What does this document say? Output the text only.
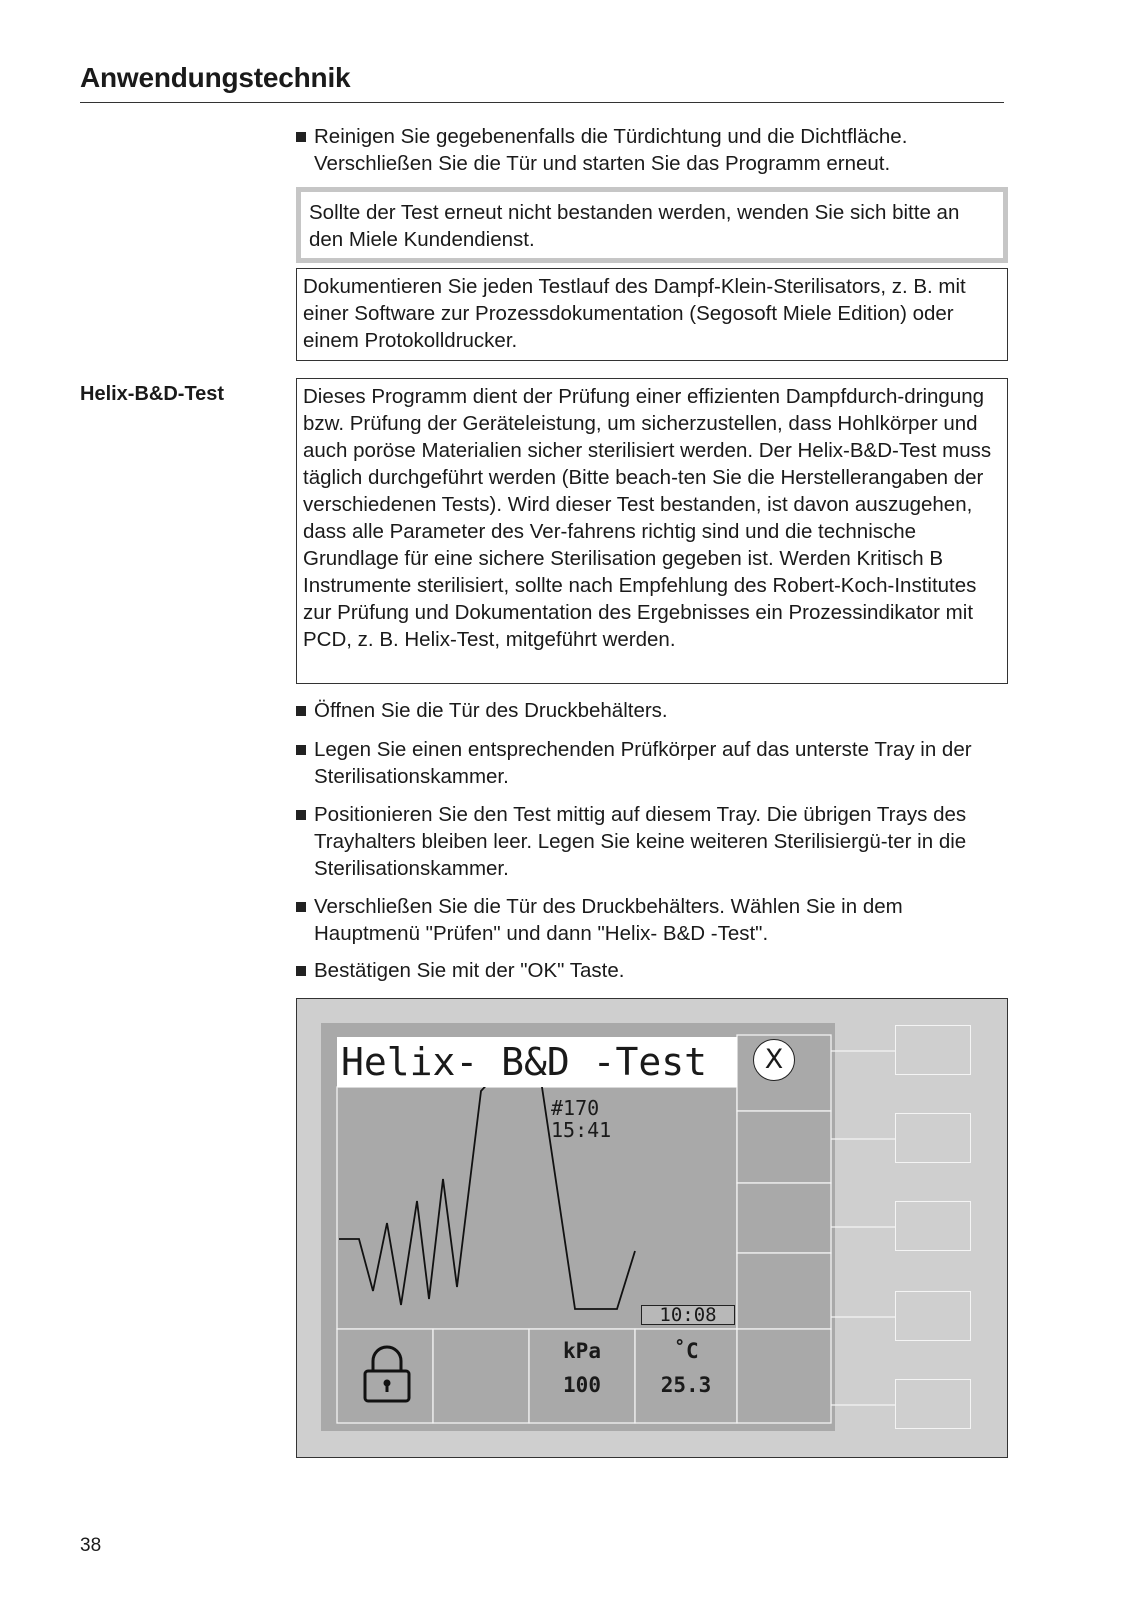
Anwendungstechnik
Reinigen Sie gegebenenfalls die Türdichtung und die Dichtfläche. Verschließen Sie die Tür und starten Sie das Programm erneut.
Sollte der Test erneut nicht bestanden werden, wenden Sie sich bitte an den Miele Kundendienst.
Dokumentieren Sie jeden Testlauf des Dampf-Klein-Sterilisators, z. B. mit einer Software zur Prozessdokumentation (Segosoft Miele Edition) oder einem Protokolldrucker.
Helix-B&D-Test	Dieses Programm dient der Prüfung einer effizienten Dampfdurch-dringung bzw. Prüfung der Geräteleistung, um sicherzustellen, dass Hohlkörper und auch poröse Materialien sicher sterilisiert werden. Der Helix-B&D-Test muss täglich durchgeführt werden (Bitte beach-ten Sie die Herstellerangaben der verschiedenen Tests). Wird dieser Test bestanden, ist davon auszugehen, dass alle Parameter des Ver-fahrens richtig sind und die technische Grundlage für eine sichere Sterilisation gegeben ist. Werden Kritisch B Instrumente sterilisiert, sollte nach Empfehlung des Robert-Koch-Institutes zur Prüfung und Dokumentation des Ergebnisses ein Prozessindikator mit PCD, z. B. Helix-Test, mitgeführt werden.
Öffnen Sie die Tür des Druckbehälters.
Legen Sie einen entsprechenden Prüfkörper auf das unterste Tray in der Sterilisationskammer.
Positionieren Sie den Test mittig auf diesem Tray. Die übrigen Trays des Trayhalters bleiben leer. Legen Sie keine weiteren Sterilisiergü-ter in die Sterilisationskammer.
Verschließen Sie die Tür des Druckbehälters. Wählen Sie in dem Hauptmenü "Prüfen" und dann "Helix- B&D -Test".
Bestätigen Sie mit der "OK" Taste.
Helix- B&D -Test	X
#170
15:41
10:08
kPa
100
˚C
25.3
38
